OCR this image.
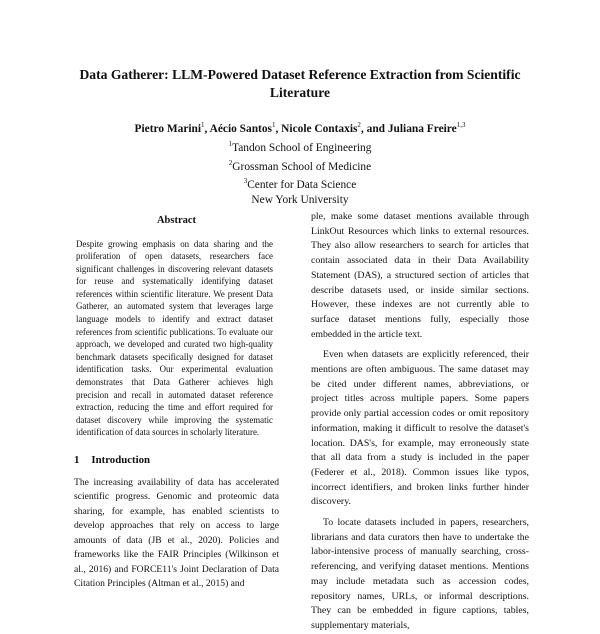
Data Gatherer: LLM-Powered Dataset Reference Extraction from Scientific Literature
Pietro Marini$^1$, Aécio Santos$^1$, Nicole Contaxis$^2$, and Juliana Freire$^{1,3}$
$^1$Tandon School of Engineering
$^2$Grossman School of Medicine
$^3$Center for Data Science
New York University
Abstract

Despite growing emphasis on data sharing and the proliferation of open datasets, researchers face significant challenges in discovering relevant datasets for reuse and systematically identifying dataset references within scientific literature. We present Data Gatherer, an automated system that leverages large language models to identify and extract dataset references from scientific publications. To evaluate our approach, we developed and curated two high-quality benchmark datasets specifically designed for dataset identification tasks. Our experimental evaluation demonstrates that Data Gatherer achieves high precision and recall in automated dataset reference extraction, reducing the time and effort required for dataset discovery while improving the systematic identification of data sources in scholarly literature.

1 Introduction

The increasing availability of data has accelerated scientific progress. Genomic and proteomic data sharing, for example, has enabled scientists to develop approaches that rely on access to large amounts of data (JB et al., 2020). Policies and frameworks like the FAIR Principles (Wilkinson et al., 2016) and FORCE11's Joint Declaration of Data Citation Principles (Altman et al., 2015) and

ple, make some dataset mentions available through LinkOut Resources which links to external resources. They also allow researchers to search for articles that contain associated data in their Data Availability Statement (DAS), a structured section of articles that describe datasets used, or inside similar sections. However, these indexes are not currently able to surface dataset mentions fully, especially those embedded in the article text.

Even when datasets are explicitly referenced, their mentions are often ambiguous. The same dataset may be cited under different names, abbreviations, or project titles across multiple papers. Some papers provide only partial accession codes or omit repository information, making it difficult to resolve the dataset's location. DAS's, for example, may erroneously state that all data from a study is included in the paper (Federer et al., 2018). Common issues like typos, incorrect identifiers, and broken links further hinder discovery.

To locate datasets included in papers, researchers, librarians and data curators then have to undertake the labor-intensive process of manually searching, cross-referencing, and verifying dataset mentions. Mentions may include metadata such as accession codes, repository names, URLs, or informal descriptions. They can be embedded in figure captions, tables, supplementary materials,
